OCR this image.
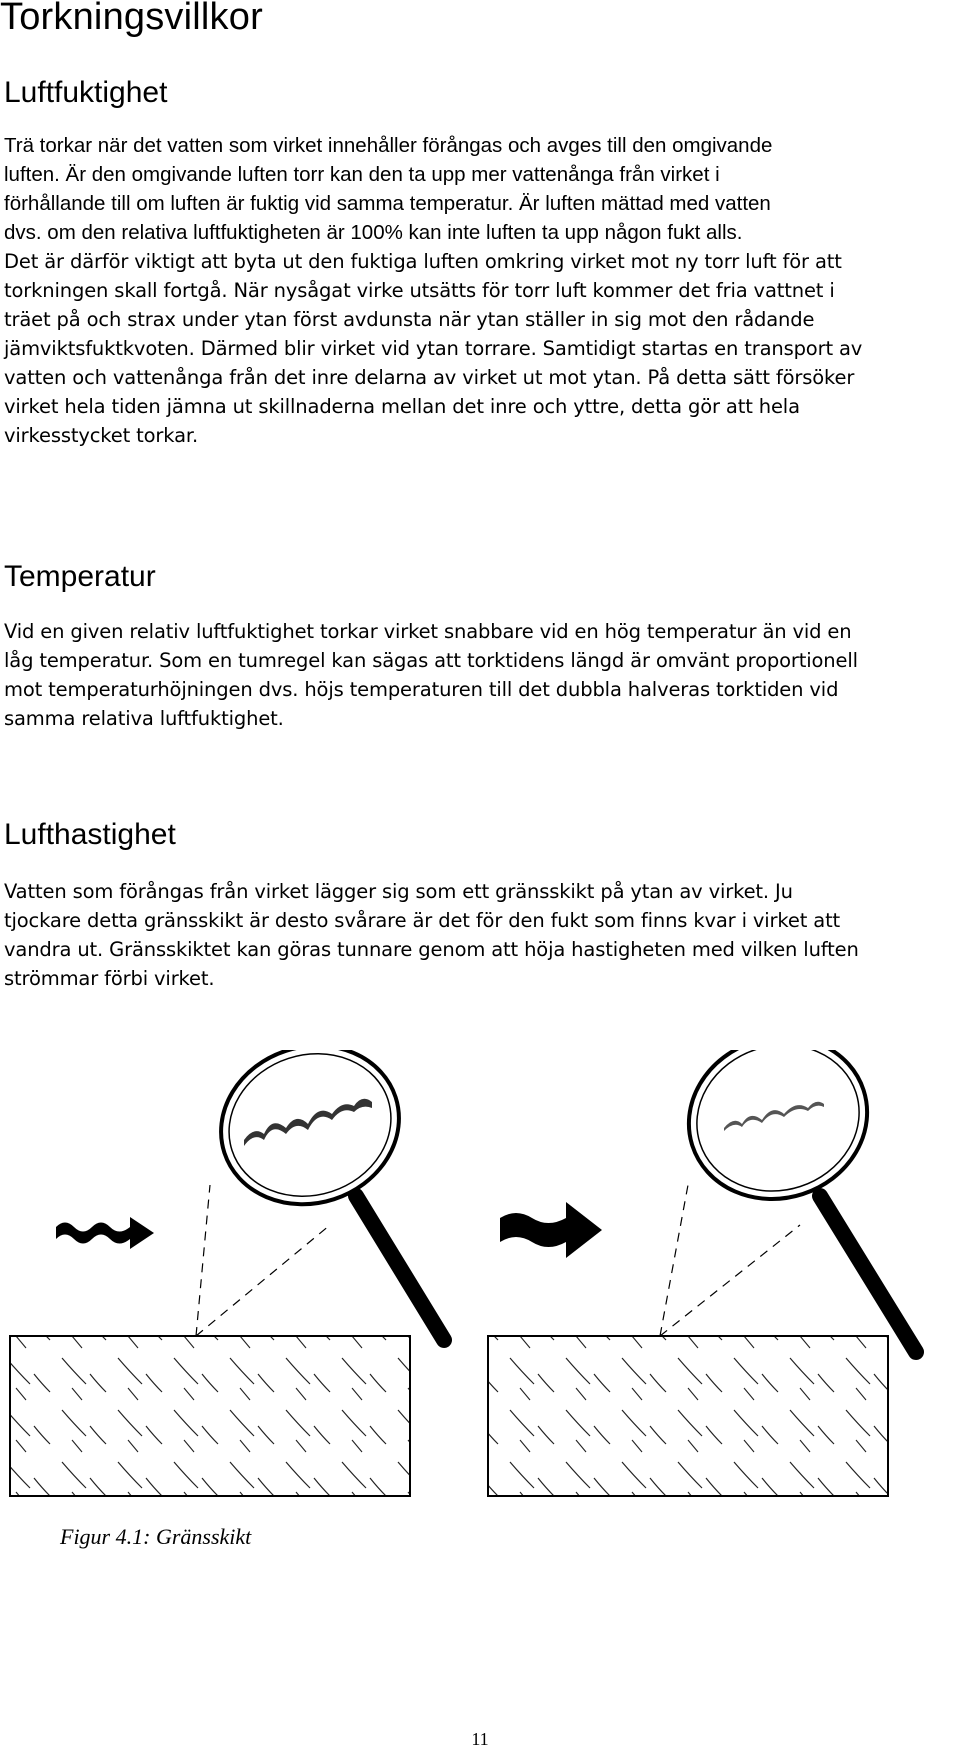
Torkningsvillkor
Luftfuktighet
Trä torkar när det vatten som virket innehåller förångas och avges till den omgivande
luften. Är den omgivande luften torr kan den ta upp mer vattenånga från virket i
förhållande till om luften är fuktig vid samma temperatur. Är luften mättad med vatten
dvs. om den relativa luftfuktigheten är 100% kan inte luften ta upp någon fukt alls.
Det är därför viktigt att byta ut den fuktiga luften omkring virket mot ny torr luft för att
torkningen skall fortgå. När nysågat virke utsätts för torr luft kommer det fria vattnet i
träet på och strax under ytan först avdunsta när ytan ställer in sig mot den rådande
jämviktsfuktkvoten. Därmed blir virket vid ytan torrare. Samtidigt startas en transport av
vatten och vattenånga från det inre delarna av virket ut mot ytan. På detta sätt försöker
virket hela tiden jämna ut skillnaderna mellan det inre och yttre, detta gör att hela
virkesstycket torkar.
Temperatur
Vid en given relativ luftfuktighet torkar virket snabbare vid en hög temperatur än vid en
låg temperatur. Som en tumregel kan sägas att torktidens längd är omvänt proportionell
mot temperaturhöjningen dvs. höjs temperaturen till det dubbla halveras torktiden vid
samma relativa luftfuktighet.
Lufthastighet
Vatten som förångas från virket lägger sig som ett gränsskikt på ytan av virket. Ju
tjockare detta gränsskikt är desto svårare är det för den fukt som finns kvar i virket att
vandra ut. Gränsskiktet kan göras tunnare genom att höja hastigheten med vilken luften
strömmar förbi virket.

Figur 4.1: Gränsskikt

11
